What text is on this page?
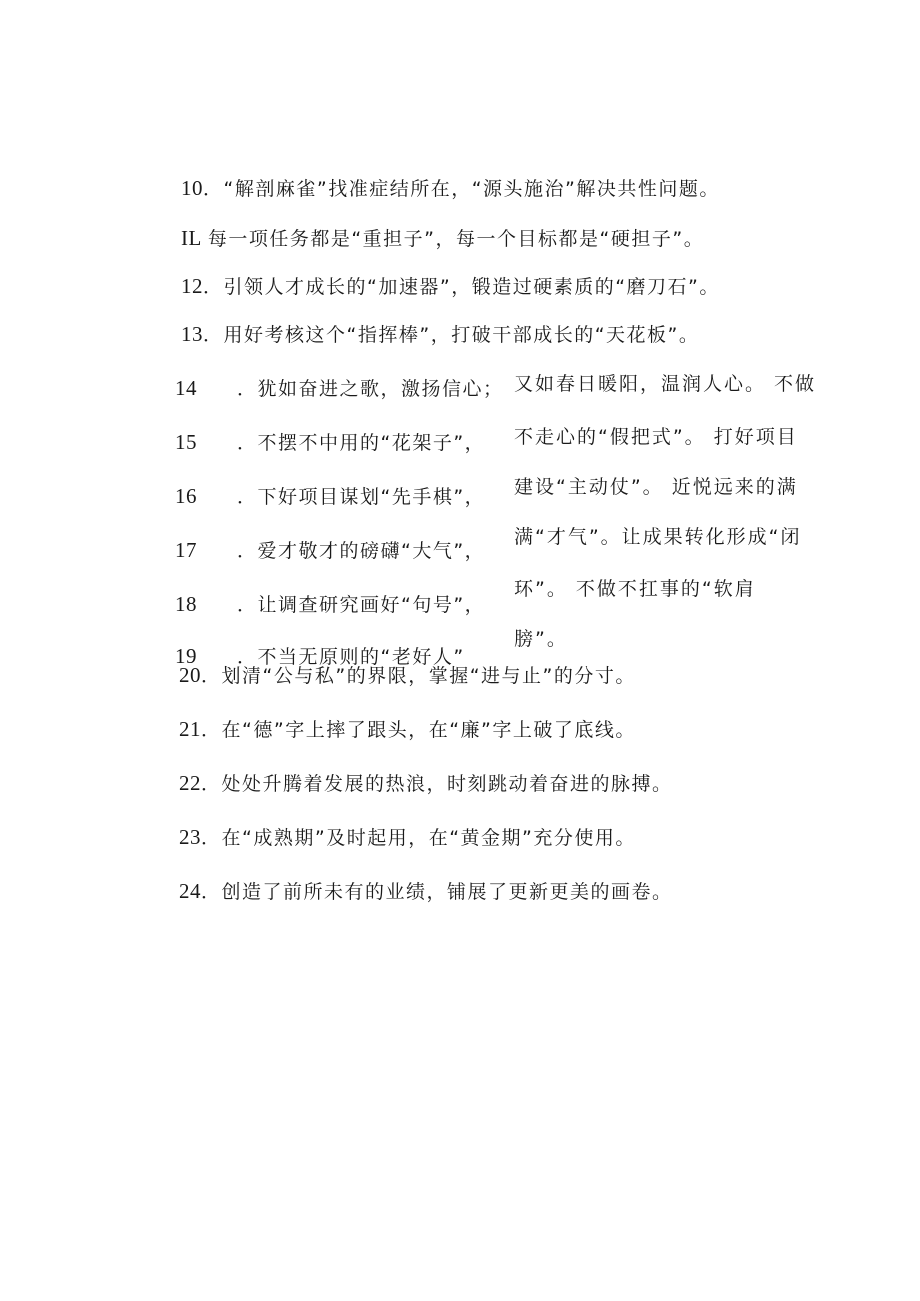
10．“解剖麻雀”找准症结所在，“源头施治”解决共性问题。
IL 每一项任务都是“重担子”，每一个目标都是“硬担子”。
12．引领人才成长的“加速器”，锻造过硬素质的“磨刀石”。
13．用好考核这个“指挥棒”，打破干部成长的“天花板”。
14 ．犹如奋进之歌，激扬信心；
15 ．不摆不中用的“花架子”，
16 ．下好项目谋划“先手棋”，
17 ．爱才敬才的磅礴“大气”，
18 ．让调查研究画好“句号”，
19 ．不当无原则的“老好人”
又如春日暖阳，温润人心。 不做
不走心的“假把式”。 打好项目
建设“主动仗”。 近悦远来的满
满“才气”。让成果转化形成“闭
环”。 不做不扛事的“软肩
膀”。
20．划清“公与私”的界限，掌握“进与止”的分寸。
21．在“德”字上摔了跟头，在“廉”字上破了底线。
22．处处升腾着发展的热浪，时刻跳动着奋进的脉搏。
23．在“成熟期”及时起用，在“黄金期”充分使用。
24．创造了前所未有的业绩，铺展了更新更美的画卷。
